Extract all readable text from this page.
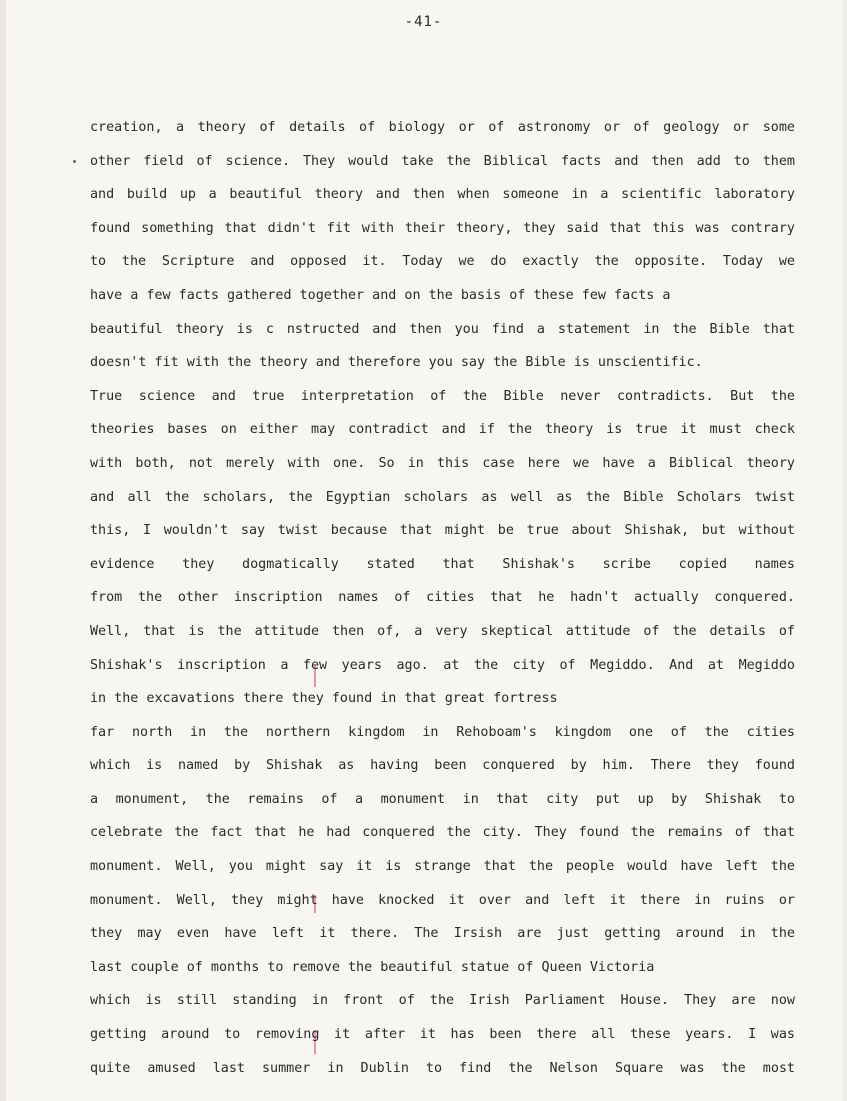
-41-
creation, a theory of details of biology or of astronomy or of geology or some
other field of science. They would take the Biblical facts and then add to them
and build up a beautiful theory and then when someone in a scientific laboratory
found something that didn't fit with their theory, they said that this was contrary
to the Scripture and opposed it. Today we do exactly the opposite. Today we
have a few facts gathered together and on the basis of these few facts a
beautiful theory is c nstructed and then you find a statement in the Bible that
doesn't fit with the theory and therefore you say the Bible is unscientific.
True science and true interpretation of the Bible never contradicts. But the
theories bases on either may contradict and if the theory is true it must check
with both, not merely with one. So in this case here we have a Biblical theory
and all the scholars, the Egyptian scholars as well as the Bible Scholars twist
this, I wouldn't say twist because that might be true about Shishak, but without
evidence they dogmatically stated that Shishak's scribe copied names
from the other inscription names of cities that he hadn't actually conquered.
Well, that is the attitude then of, a very skeptical attitude of the details of
Shishak's inscription a few years ago. at the city of Megiddo. And at Megiddo
in the excavations there they found in that great fortress
far north in the northern kingdom in Rehoboam's kingdom one of the cities
which is named by Shishak as having been conquered by him. There they found
a monument, the remains of a monument in that city put up by Shishak to
celebrate the fact that he had conquered the city. They found the remains of that
monument. Well, you might say it is strange that the people would have left the
monument. Well, they might have knocked it over and left it there in ruins or
they may even have left it there. The Irsish are just getting around in the
last couple of months to remove the beautiful statue of Queen Victoria
which is still standing in front of the Irish Parliament House. They are now
getting around to removing it after it has been there all these years. I was
quite amused last summer in Dublin to find the Nelson Square was the most
